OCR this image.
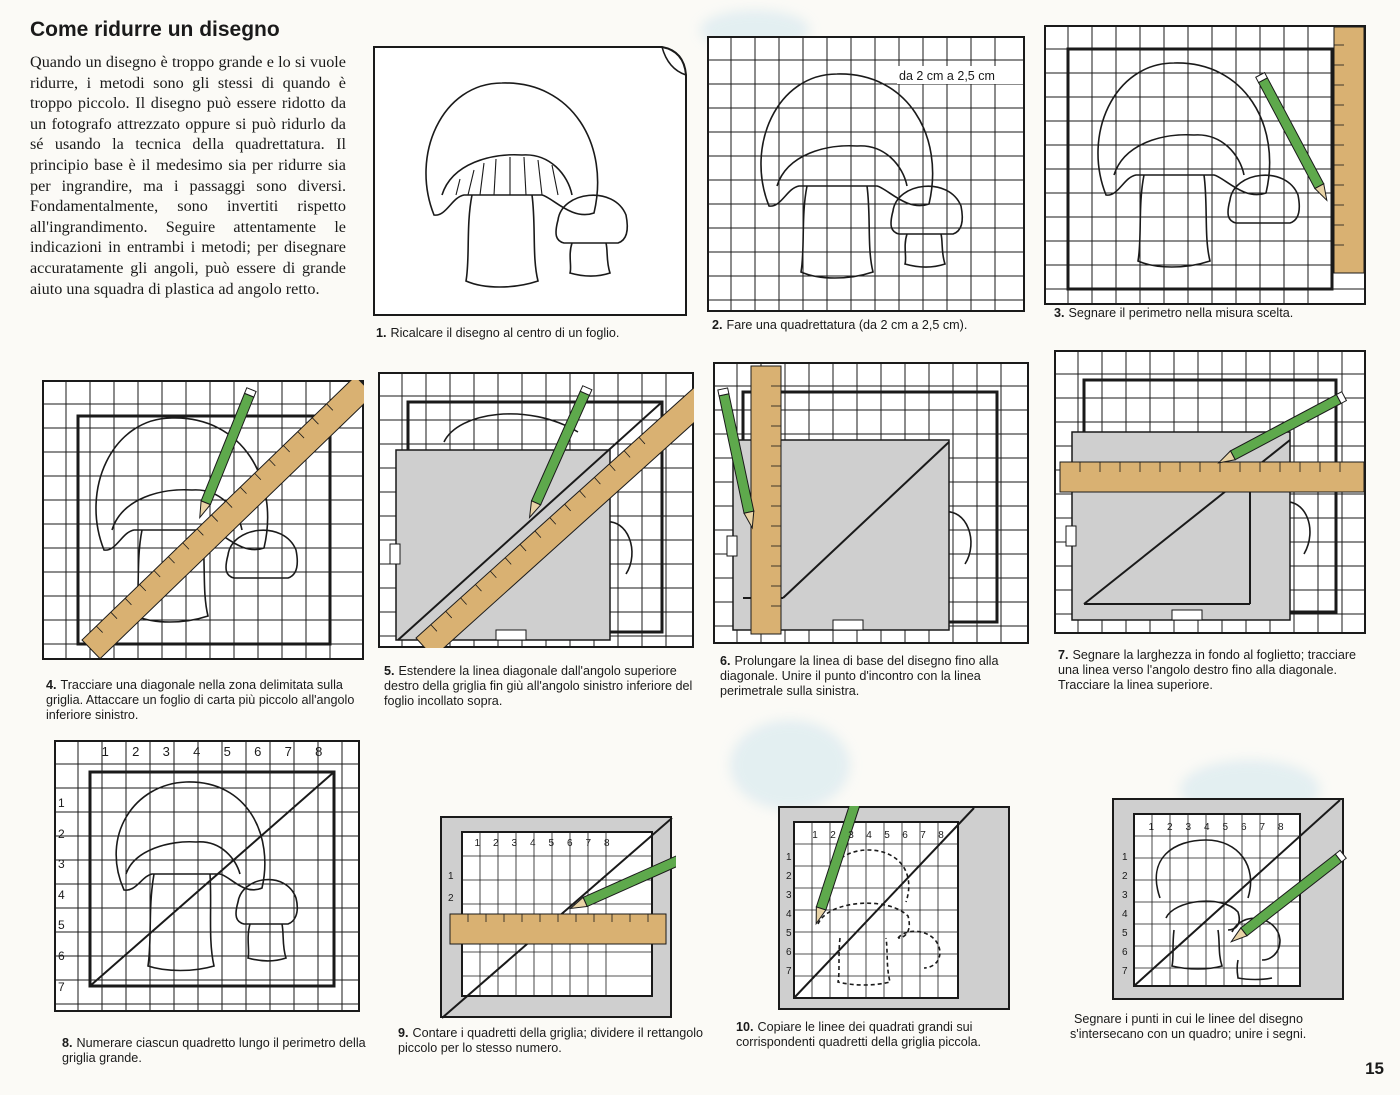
Come ridurre un disegno
Quando un disegno è troppo grande e lo si vuole ridurre, i metodi sono gli stessi di quando è troppo piccolo. Il disegno può essere ridotto da un fotografo attrezzato oppure si può ridurlo da sé usando la tecnica della quadrettatura. Il principio base è il medesimo sia per ridurre sia per ingrandire, ma i passaggi sono diversi. Fondamentalmente, sono invertiti rispetto all'ingrandimento. Seguire attentamente le indicazioni in entrambi i metodi; per disegnare accuratamente gli angoli, può essere di grande aiuto una squadra di plastica ad angolo retto.
1. Ricalcare il disegno al centro di un foglio.
da 2 cm a 2,5 cm
2. Fare una quadrettatura (da 2 cm a 2,5 cm).
3. Segnare il perimetro nella misura scelta.
4. Tracciare una diagonale nella zona delimitata sulla griglia. Attaccare un foglio di carta più piccolo all'angolo inferiore sinistro.
5. Estendere la linea diagonale dall'angolo superiore destro della griglia fin giù all'angolo sinistro inferiore del foglio incollato sopra.
6. Prolungare la linea di base del disegno fino alla diagonale. Unire il punto d'incontro con la linea perimetrale sulla sinistra.
7. Segnare la larghezza in fondo al foglietto; tracciare una linea verso l'angolo destro fino alla diagonale. Tracciare la linea superiore.
1	2	3	4	5	6	7	8
1
2
3
4
5
6
7
8. Numerare ciascun quadretto lungo il perimetro della griglia grande.
1	2	3	4	5	6	7	8
1
2
9. Contare i quadretti della griglia; dividere il rettangolo piccolo per lo stesso numero.
1	2	3	4	5	6	7	8
1
2
3
4
5
6
7
10. Copiare le linee dei quadrati grandi sui corrispondenti quadretti della griglia piccola.
1	2	3	4	5	6	7	8
1
2
3
4
5
6
7
Segnare i punti in cui le linee del disegno s'intersecano con un quadro; unire i segni.
15
